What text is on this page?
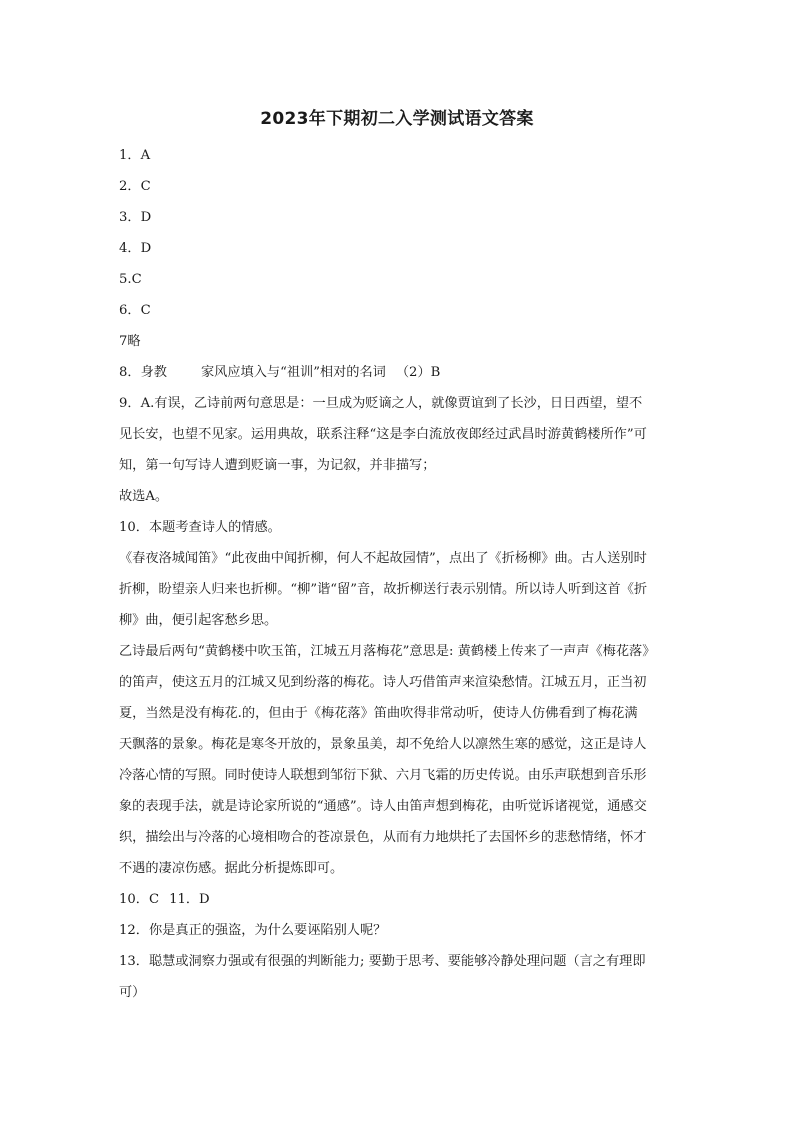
2023年下期初二入学测试语文答案
1．A
2．C
3．D
4．D
5.C
6．C
7略
8．身教	家风应填入与“祖训”相对的名词 （2）B
9．A.有误，乙诗前两句意思是：一旦成为贬谪之人，就像贾谊到了长沙，日日西望，望不
见长安，也望不见家。运用典故，联系注释“这是李白流放夜郎经过武昌时游黄鹤楼所作”可
知，第一句写诗人遭到贬谪一事，为记叙，并非描写；
故选A。
10．本题考查诗人的情感。
《春夜洛城闻笛》“此夜曲中闻折柳，何人不起故园情”，点出了《折杨柳》曲。古人送别时
折柳，盼望亲人归来也折柳。“柳”谐“留”音，故折柳送行表示别情。所以诗人听到这首《折
柳》曲，便引起客愁乡思。
乙诗最后两句“黄鹤楼中吹玉笛，江城五月落梅花”意思是: 黄鹤楼上传来了一声声《梅花落》
的笛声，使这五月的江城又见到纷落的梅花。诗人巧借笛声来渲染愁情。江城五月，正当初
夏，当然是没有梅花.的，但由于《梅花落》笛曲吹得非常动听，使诗人仿佛看到了梅花满
天飘落的景象。梅花是寒冬开放的，景象虽美，却不免给人以凛然生寒的感觉，这正是诗人
冷落心情的写照。同时使诗人联想到邹衍下狱、六月飞霜的历史传说。由乐声联想到音乐形
象的表现手法，就是诗论家所说的“通感”。诗人由笛声想到梅花，由听觉诉诸视觉，通感交
织，描绘出与冷落的心境相吻合的苍凉景色，从而有力地烘托了去国怀乡的悲愁情绪，怀才
不遇的凄凉伤感。据此分析提炼即可。
10．C 11．D
12．你是真正的强盗，为什么要诬陷别人呢？
13．聪慧或洞察力强或有很强的判断能力; 要勤于思考、要能够冷静处理问题（言之有理即
可）
